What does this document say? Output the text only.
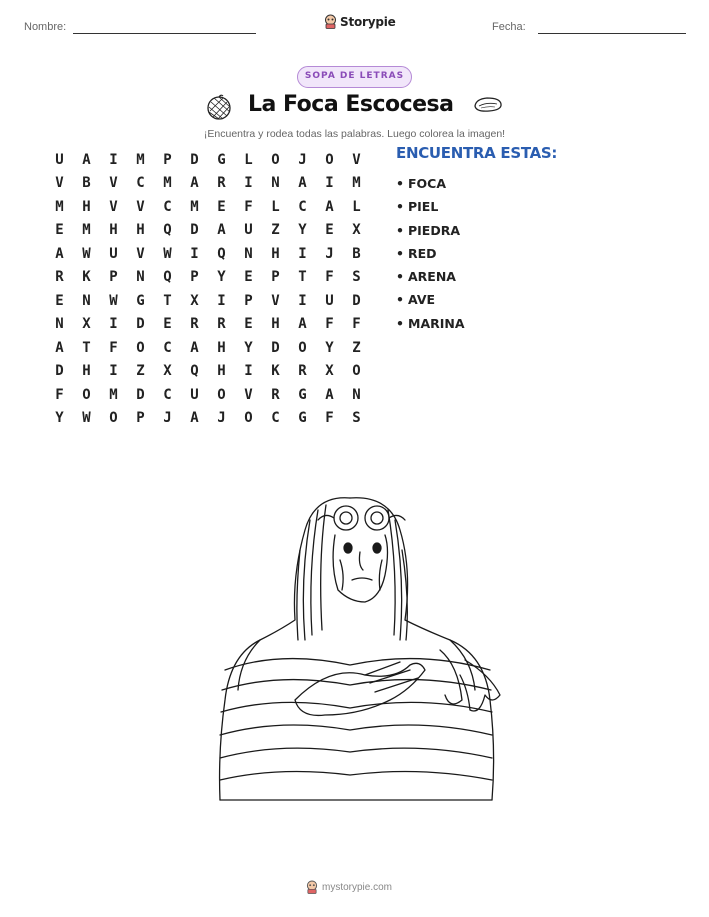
Nombre:	Fecha:
Storypie
SOPA DE LETRAS
La Foca Escocesa
¡Encuentra y rodea todas las palabras. Luego colorea la imagen!
U	A	I	M	P	D	G	L	O	J	O	V
V	B	V	C	M	A	R	I	N	A	I	M
M	H	V	V	C	M	E	F	L	C	A	L
E	M	H	H	Q	D	A	U	Z	Y	E	X
A	W	U	V	W	I	Q	N	H	I	J	B
R	K	P	N	Q	P	Y	E	P	T	F	S
E	N	W	G	T	X	I	P	V	I	U	D
N	X	I	D	E	R	R	E	H	A	F	F
A	T	F	O	C	A	H	Y	D	O	Y	Z
D	H	I	Z	X	Q	H	I	K	R	X	O
F	O	M	D	C	U	O	V	R	G	A	N
Y	W	O	P	J	A	J	O	C	G	F	S
ENCUENTRA ESTAS:
• FOCA
• PIEL
• PIEDRA
• RED
• ARENA
• AVE
• MARINA
mystorypie.com
